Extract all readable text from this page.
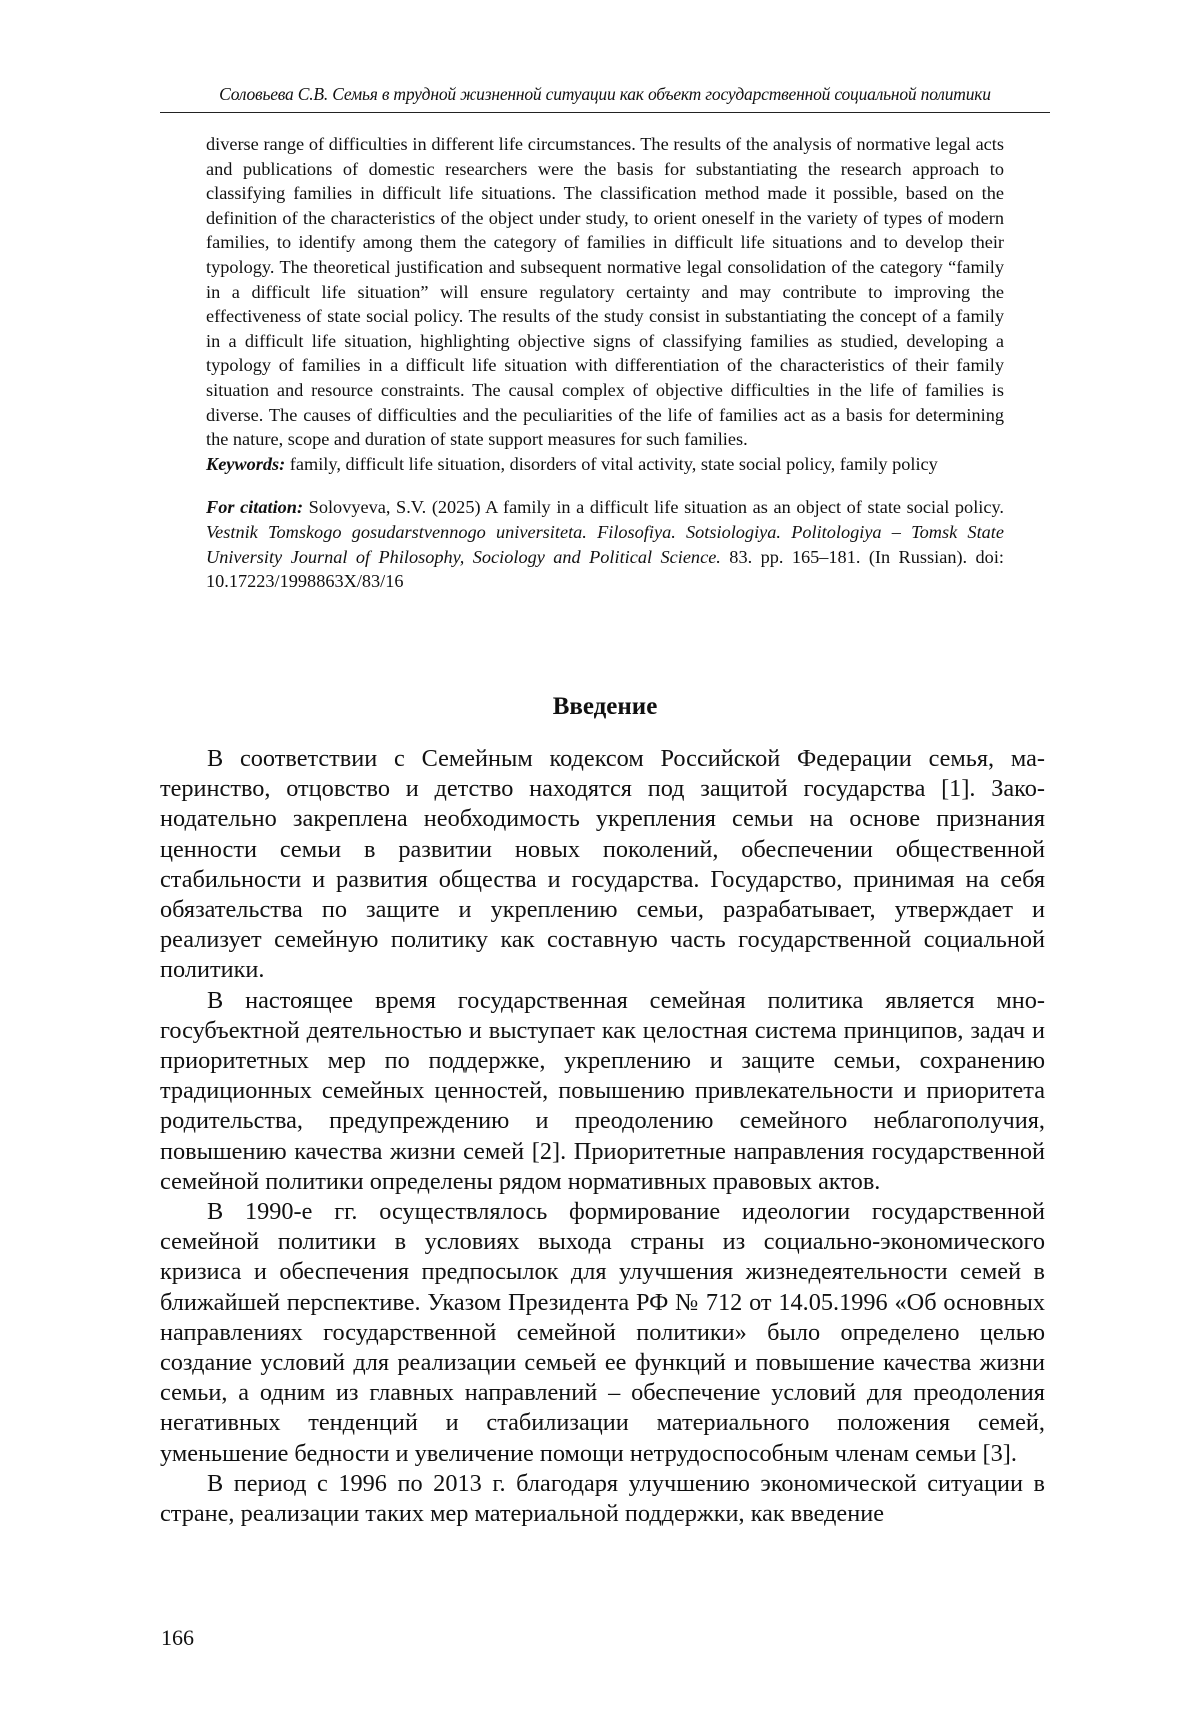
Соловьева С.В. Семья в трудной жизненной ситуации как объект государственной социальной политики

diverse range of difficulties in different life circumstances. The results of the analysis of normative legal acts and publications of domestic researchers were the basis for substantiating the research approach to classifying families in difficult life situations. The classification method made it possible, based on the definition of the characteristics of the object under study, to orient oneself in the variety of types of modern families, to identify among them the category of families in difficult life situations and to develop their typology. The theoretical justification and subsequent normative legal consolidation of the category “family in a difficult life situation” will ensure regulatory certainty and may contribute to improving the effectiveness of state social policy. The results of the study consist in substantiating the concept of a family in a difficult life situation, highlighting objective signs of classifying families as studied, developing a typology of families in a difficult life situation with differentiation of the characteristics of their family situation and resource constraints. The causal complex of objective difficulties in the life of families is diverse. The causes of difficulties and the peculiarities of the life of families act as a basis for determining the nature, scope and duration of state support measures for such families.

Keywords: family, difficult life situation, disorders of vital activity, state social policy, family policy

For citation: Solovyeva, S.V. (2025) A family in a difficult life situation as an object of state social policy. Vestnik Tomskogo gosudarstvennogo universiteta. Filosofiya. Sotsiologiya. Politologiya – Tomsk State University Journal of Philosophy, Sociology and Political Science. 83. pp. 165–181. (In Russian). doi: 10.17223/1998863X/83/16

Введение

В соответствии с Семейным кодексом Российской Федерации семья, материнство, отцовство и детство находятся под защитой государства [1]. Законодательно закреплена необходимость укрепления семьи на основе признания ценности семьи в развитии новых поколений, обеспечении общественной стабильности и развития общества и государства. Государство, принимая на себя обязательства по защите и укреплению семьи, разрабатывает, утверждает и реализует семейную политику как составную часть государственной социальной политики.

В настоящее время государственная семейная политика является многосубъектной деятельностью и выступает как целостная система принципов, задач и приоритетных мер по поддержке, укреплению и защите семьи, сохранению традиционных семейных ценностей, повышению привлекательности и приоритета родительства, предупреждению и преодолению семейного неблагополучия, повышению качества жизни семей [2]. Приоритетные направления государственной семейной политики определены рядом нормативных правовых актов.

В 1990-е гг. осуществлялось формирование идеологии государственной семейной политики в условиях выхода страны из социально-экономического кризиса и обеспечения предпосылок для улучшения жизнедеятельности семей в ближайшей перспективе. Указом Президента РФ № 712 от 14.05.1996 «Об основных направлениях государственной семейной политики» было определено целью создание условий для реализации семьей ее функций и повышение качества жизни семьи, а одним из главных направлений – обеспечение условий для преодоления негативных тенденций и стабилизации материального положения семей, уменьшение бедности и увеличение помощи нетрудоспособным членам семьи [3].

В период с 1996 по 2013 г. благодаря улучшению экономической ситуации в стране, реализации таких мер материальной поддержки, как введение

166
